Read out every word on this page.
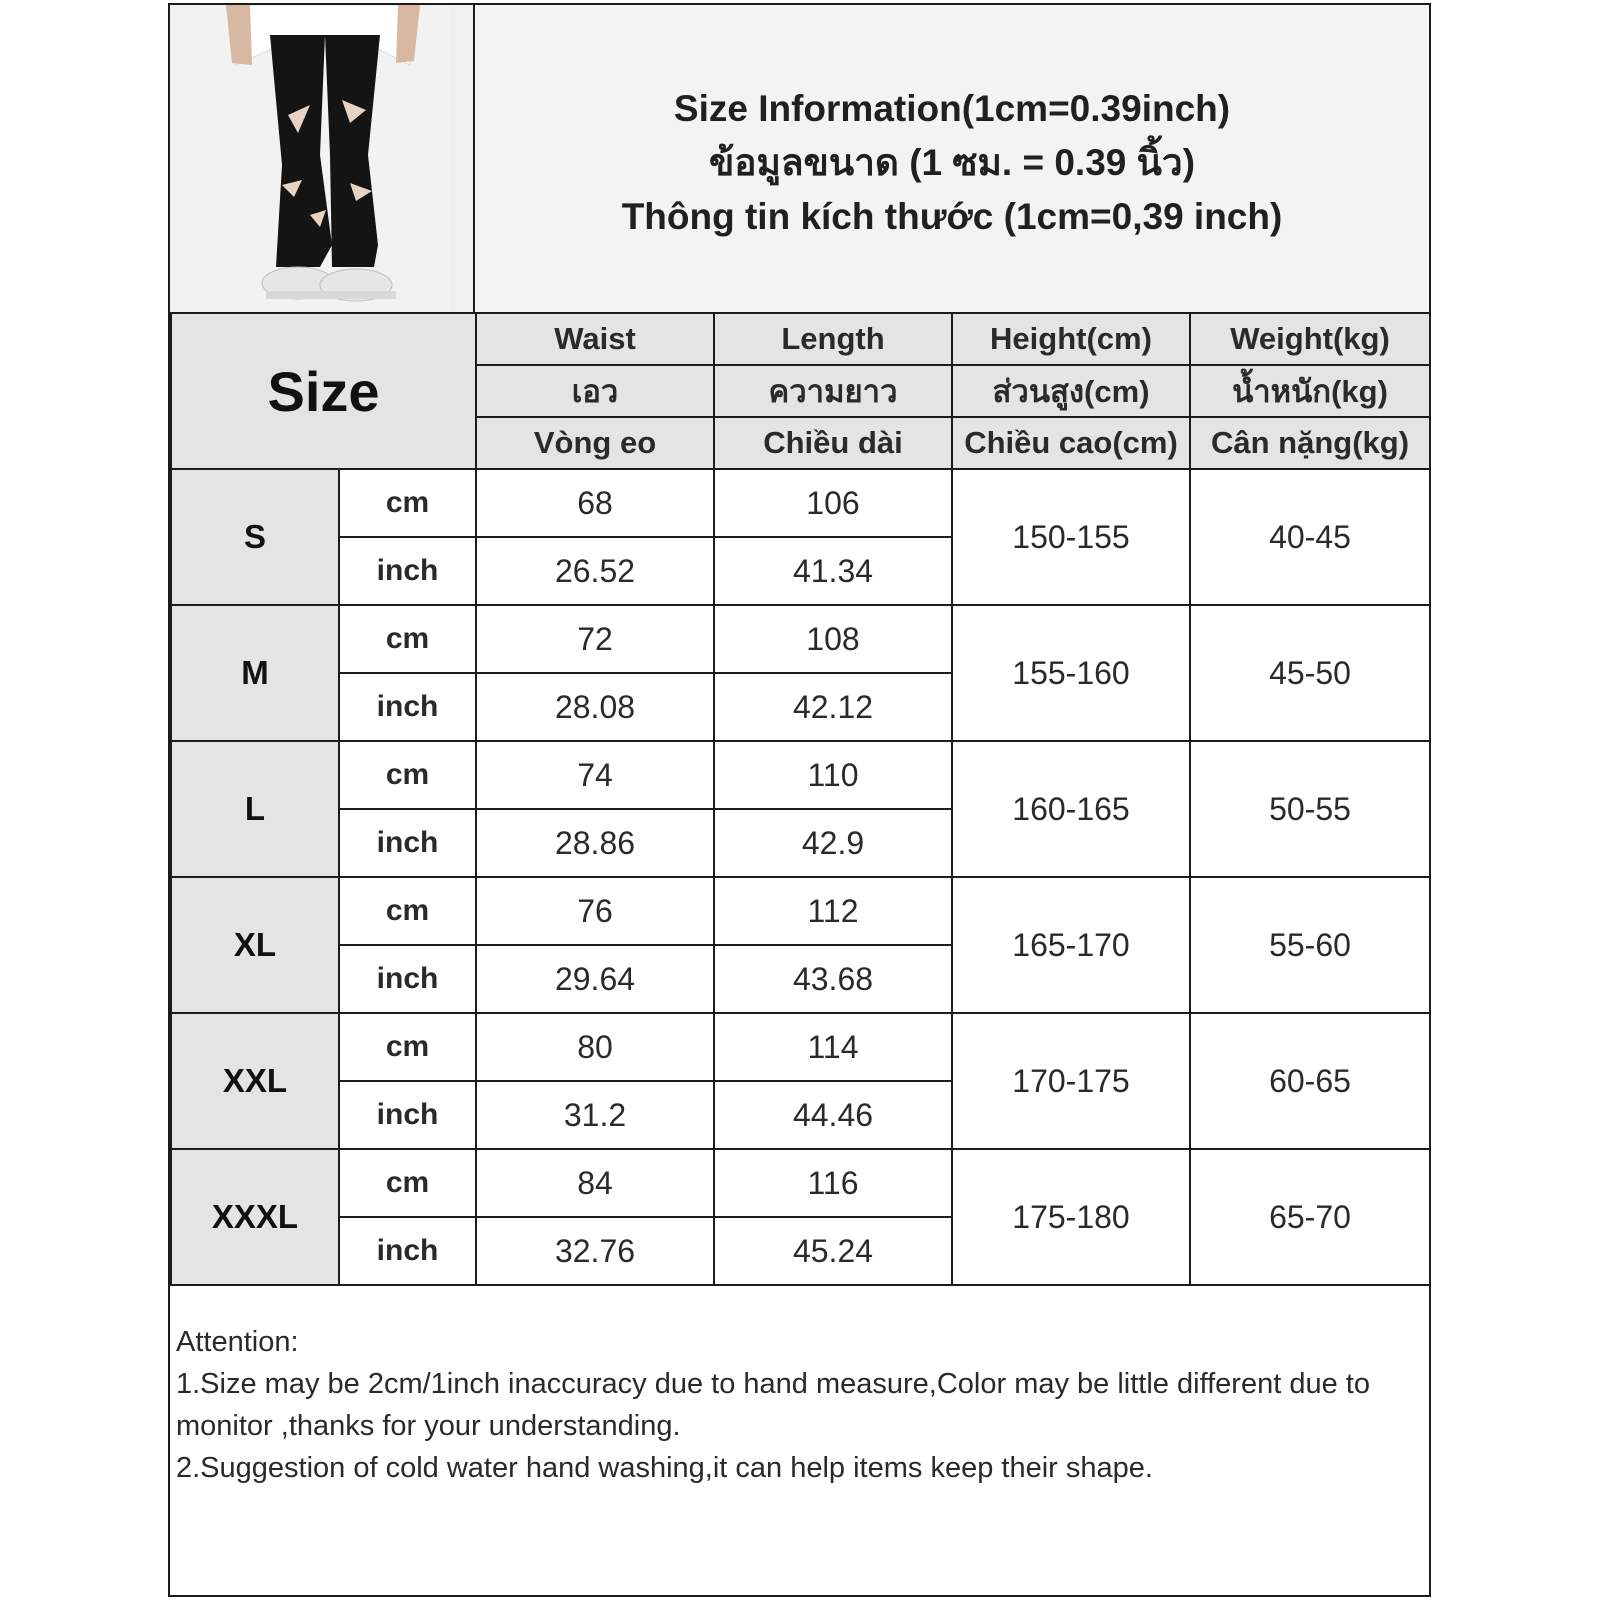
Size Information(1cm=0.39inch)
ข้อมูลขนาด (1 ซม. = 0.39 นิ้ว)
Thông tin kích thước (1cm=0,39 inch)
Size		Waist	Length	Height(cm)	Weight(kg)
		เอว	ความยาว	ส่วนสูง(cm)	น้ำหนัก(kg)
		Vòng eo	Chiều dài	Chiều cao(cm)	Cân nặng(kg)
S	cm	68	106	150-155	40-45
	inch	26.52	41.34		
M	cm	72	108	155-160	45-50
	inch	28.08	42.12		
L	cm	74	110	160-165	50-55
	inch	28.86	42.9		
XL	cm	76	112	165-170	55-60
	inch	29.64	43.68		
XXL	cm	80	114	170-175	60-65
	inch	31.2	44.46		
XXXL	cm	84	116	175-180	65-70
	inch	32.76	45.24		

Attention:

1.Size may be 2cm/1inch inaccuracy due to hand measure,Color may be little different due to monitor ,thanks for your understanding.

2.Suggestion of cold water hand washing,it can help items keep their shape.
